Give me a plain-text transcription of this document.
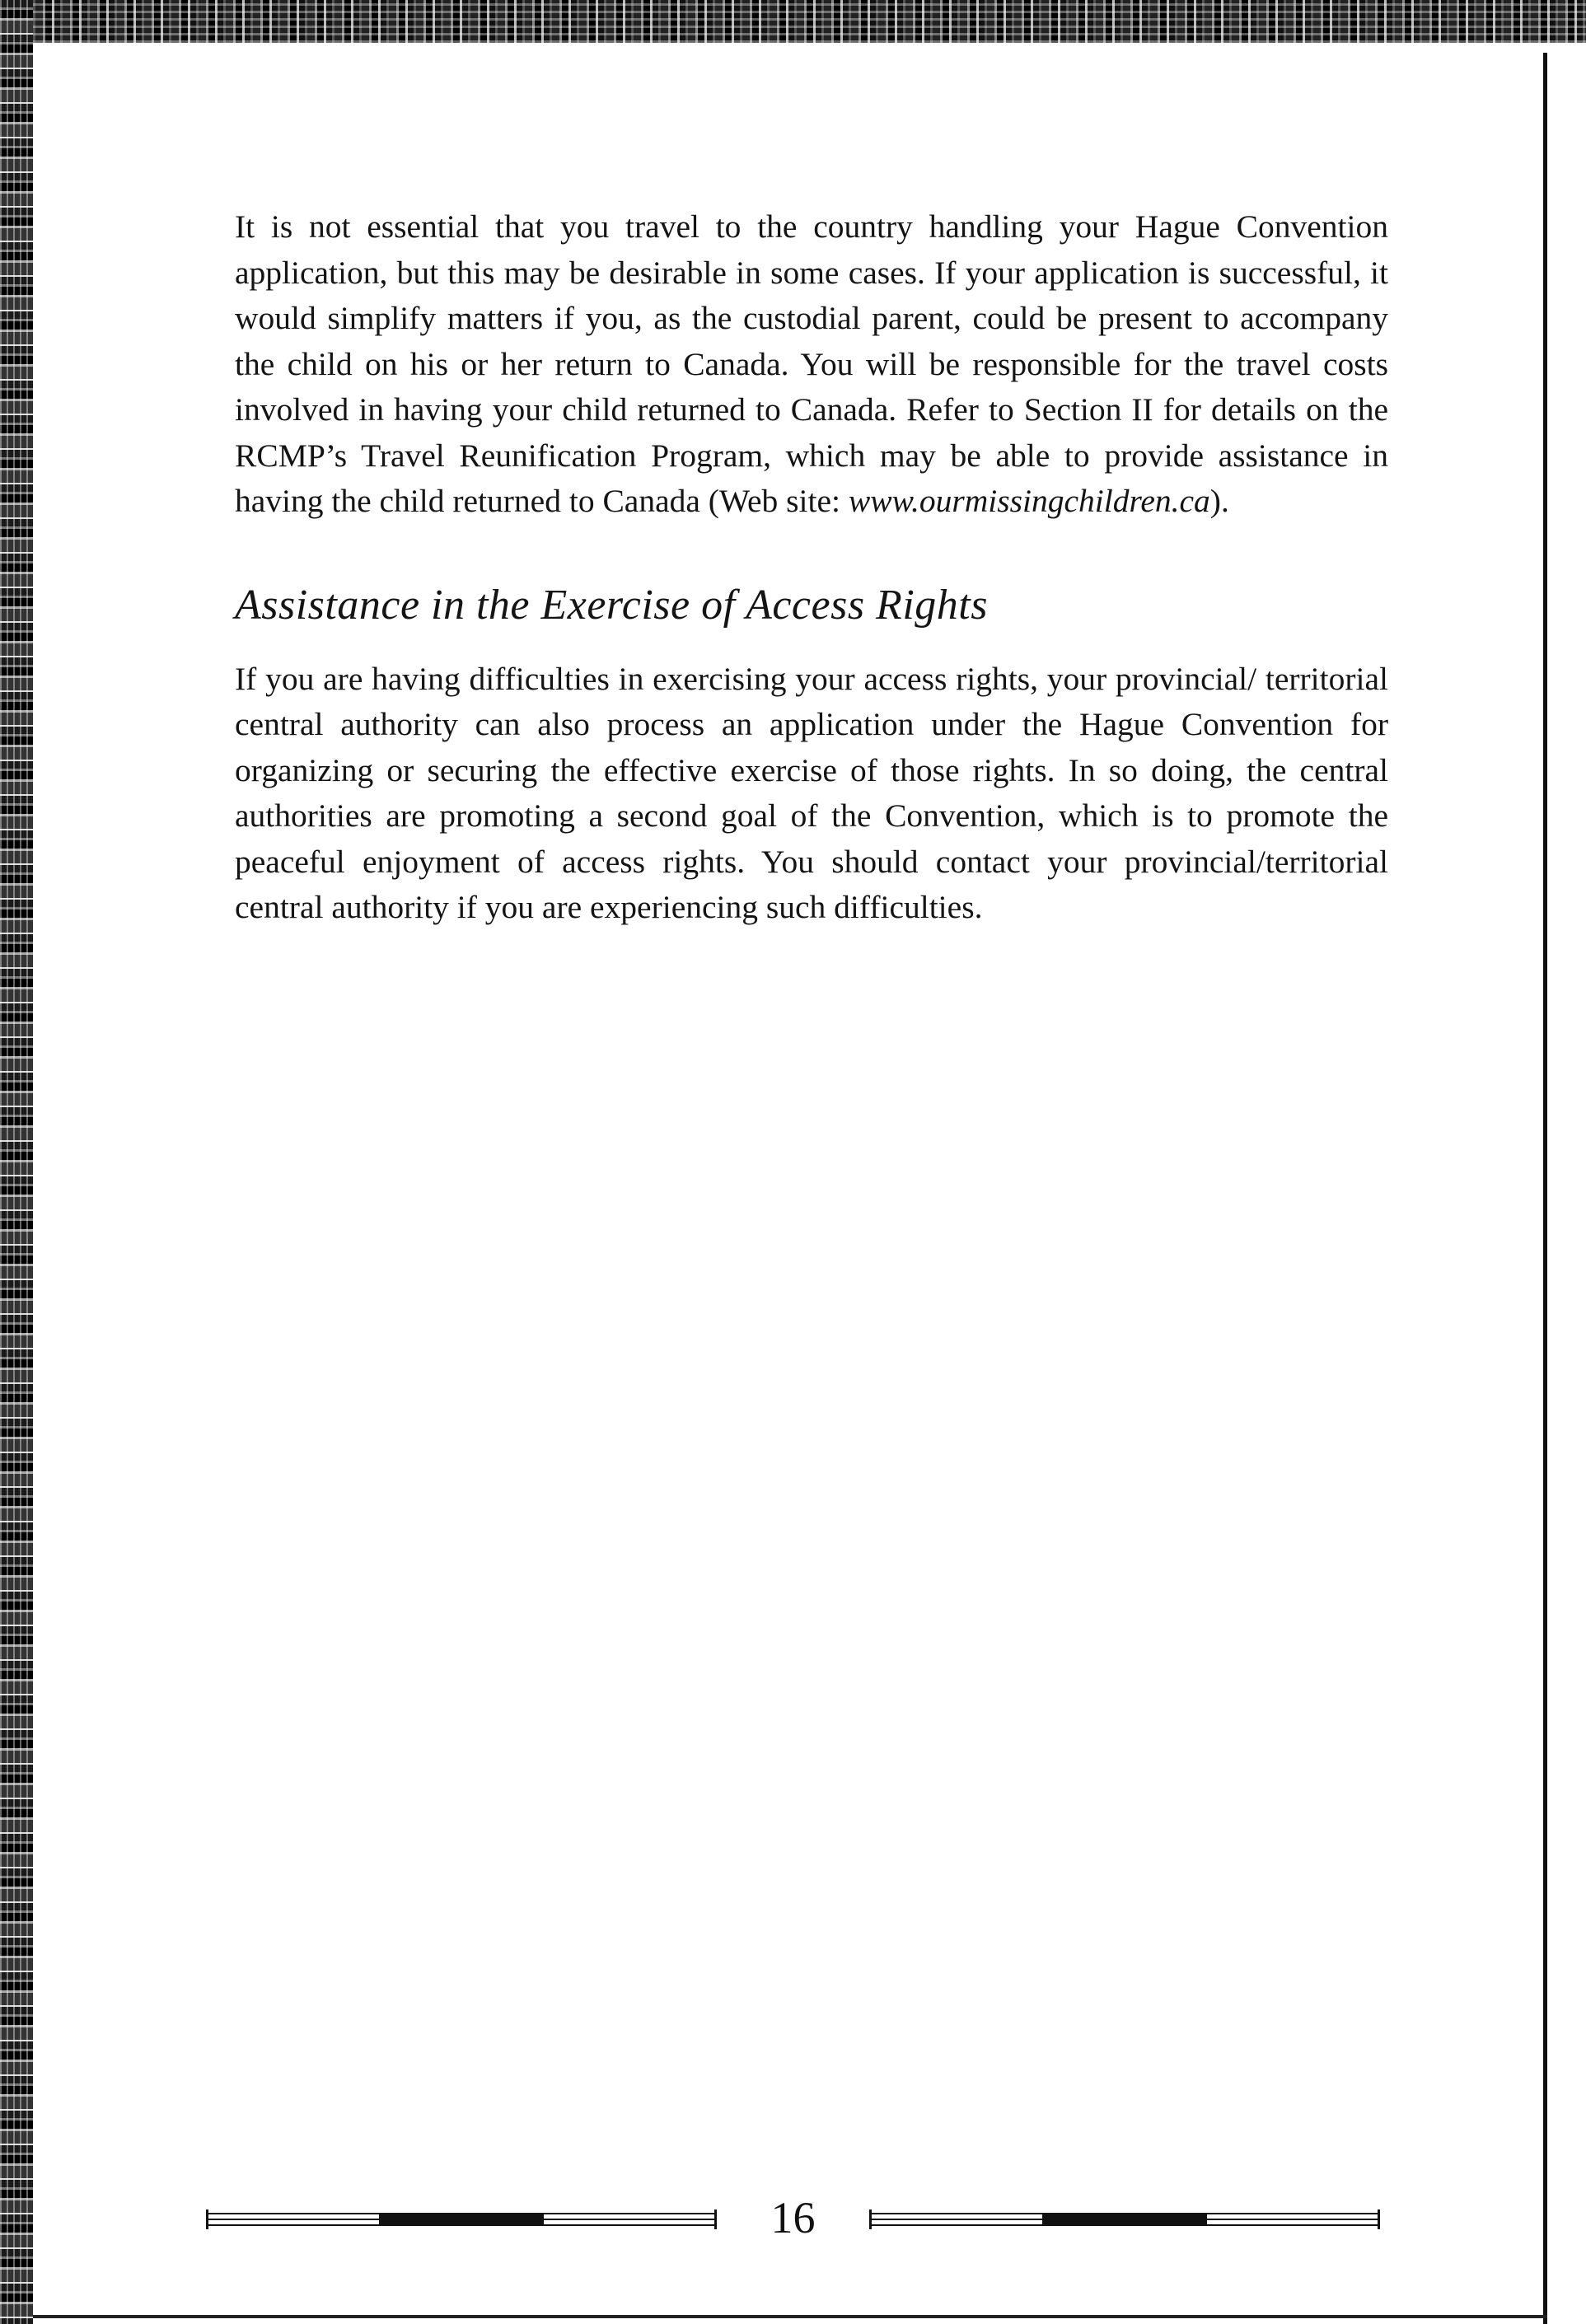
It is not essential that you travel to the country handling your Hague Convention application, but this may be desirable in some cases. If your application is successful, it would simplify matters if you, as the custodial parent, could be present to accompany the child on his or her return to Canada. You will be responsible for the travel costs involved in having your child returned to Canada. Refer to Section II for details on the RCMP’s Travel Reunification Program, which may be able to provide assistance in having the child returned to Canada (Web site: www.ourmissingchildren.ca).

Assistance in the Exercise of Access Rights

If you are having difficulties in exercising your access rights, your provincial/ territorial central authority can also process an application under the Hague Convention for organizing or securing the effective exercise of those rights. In so doing, the central authorities are promoting a second goal of the Convention, which is to promote the peaceful enjoyment of access rights. You should contact your provincial/territorial central authority if you are experiencing such difficulties.

16
